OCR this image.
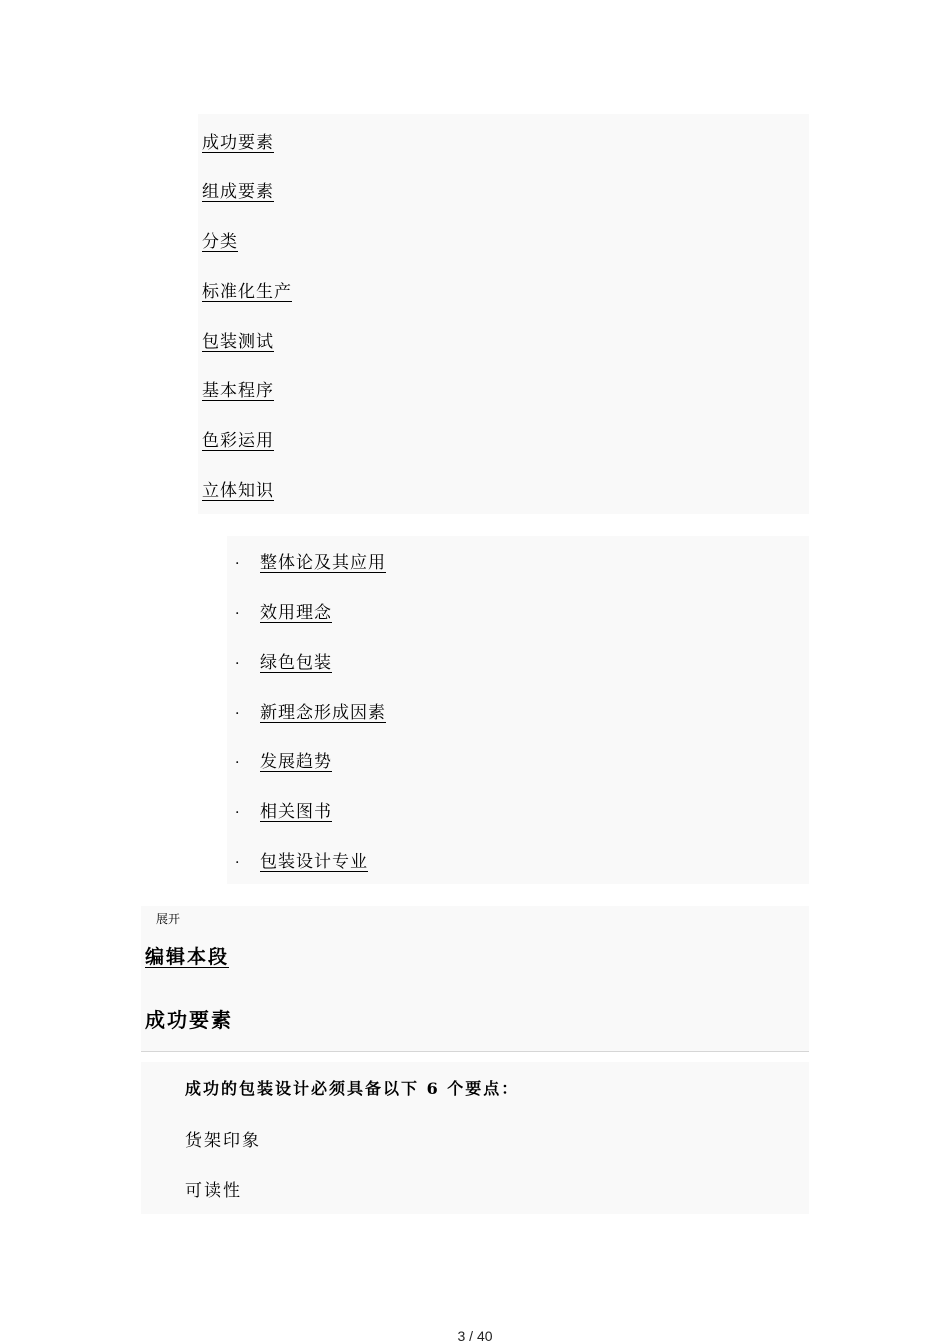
成功要素
组成要素
分类
标准化生产
包装测试
基本程序
色彩运用
立体知识
· 整体论及其应用
· 效用理念
· 绿色包装
· 新理念形成因素
· 发展趋势
· 相关图书
· 包装设计专业
展开
编辑本段
成功要素
成功的包装设计必须具备以下 6 个要点：
货架印象
可读性
3 / 40
